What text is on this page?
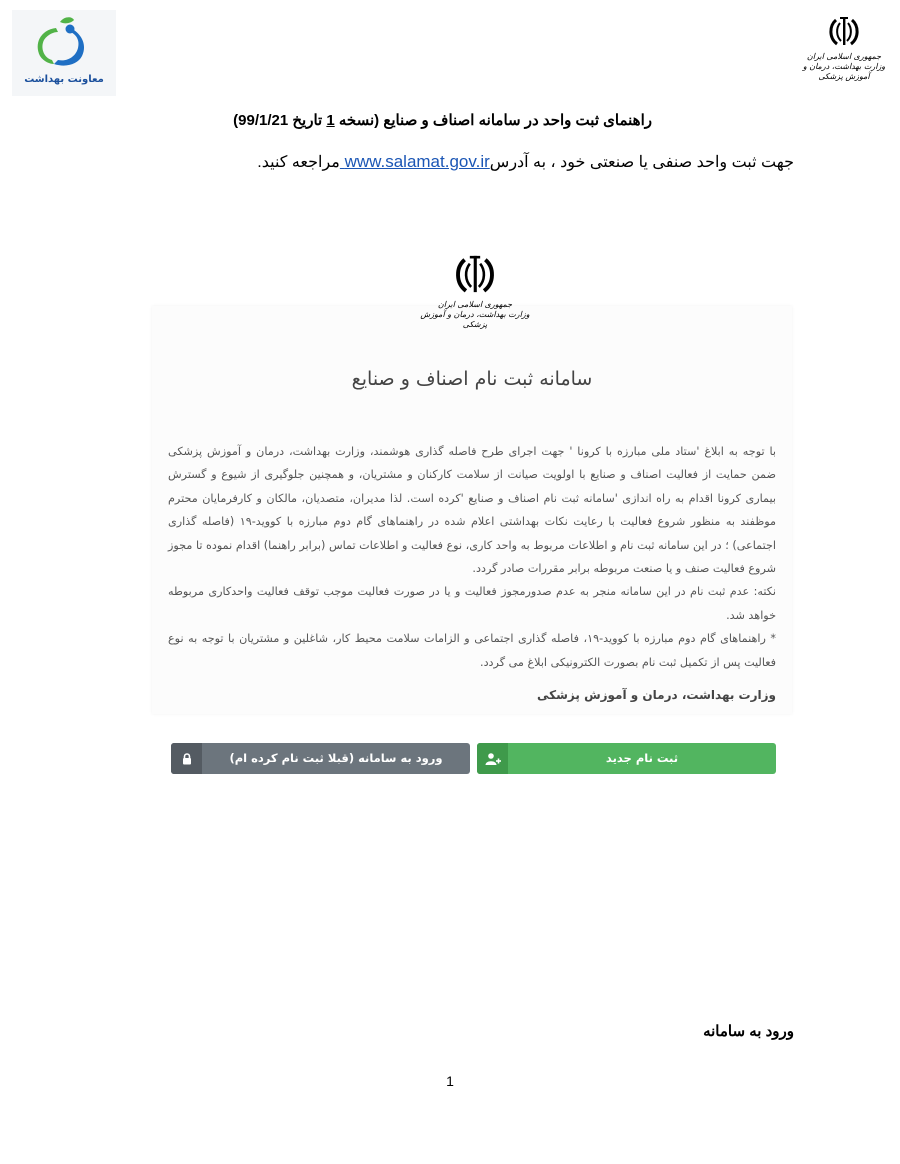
معاونت بهداشت
جمهوری اسلامی ایران
وزارت بهداشت، درمان و آموزش پزشکی
راهنمای ثبت واحد در سامانه اصناف و صنایع (نسخه 1 تاریخ 99/1/21)
جهت ثبت واحد صنفی یا صنعتی خود ، به آدرسwww.salamat.gov.ir مراجعه کنید.
جمهوری اسلامی ایران
وزارت بهداشت، درمان و آموزش پزشکی
سامانه ثبت نام اصناف و صنایع

با توجه به ابلاغ 'ستاد ملی مبارزه با کرونا ' جهت اجرای طرح فاصله گذاری هوشمند، وزارت بهداشت، درمان و آموزش پزشکی ضمن حمایت از فعالیت اصناف و صنایع با اولویت صیانت از سلامت کارکنان و مشتریان، و همچنین جلوگیری از شیوع و گسترش بیماری کرونا اقدام به راه اندازی 'سامانه ثبت نام اصناف و صنایع 'کرده است. لذا مدیران، متصدیان، مالکان و کارفرمایان محترم موظفند به منظور شروع فعالیت با رعایت نکات بهداشتی اعلام شده در راهنماهای گام دوم مبارزه با کووید-۱۹ (فاصله گذاری اجتماعی) ؛ در این سامانه ثبت نام و اطلاعات مربوط به واحد کاری، نوع فعالیت و اطلاعات تماس (برابر راهنما) اقدام نموده تا مجوز شروع فعالیت صنف و یا صنعت مربوطه برابر مقررات صادر گردد.

نکته: عدم ثبت نام در این سامانه منجر به عدم صدورمجوز فعالیت و یا در صورت فعالیت موجب توقف فعالیت واحدکاری مربوطه خواهد شد.

* راهنماهای گام دوم مبارزه با کووید-۱۹، فاصله گذاری اجتماعی و الزامات سلامت محیط کار، شاغلین و مشتریان با توجه به نوع فعالیت پس از تکمیل ثبت نام بصورت الکترونیکی ابلاغ می گردد.

وزارت بهداشت، درمان و آموزش پزشکی
ورود به سامانه (قبلا ثبت نام کرده ام)	ثبت نام جدید
ورود به سامانه
1
